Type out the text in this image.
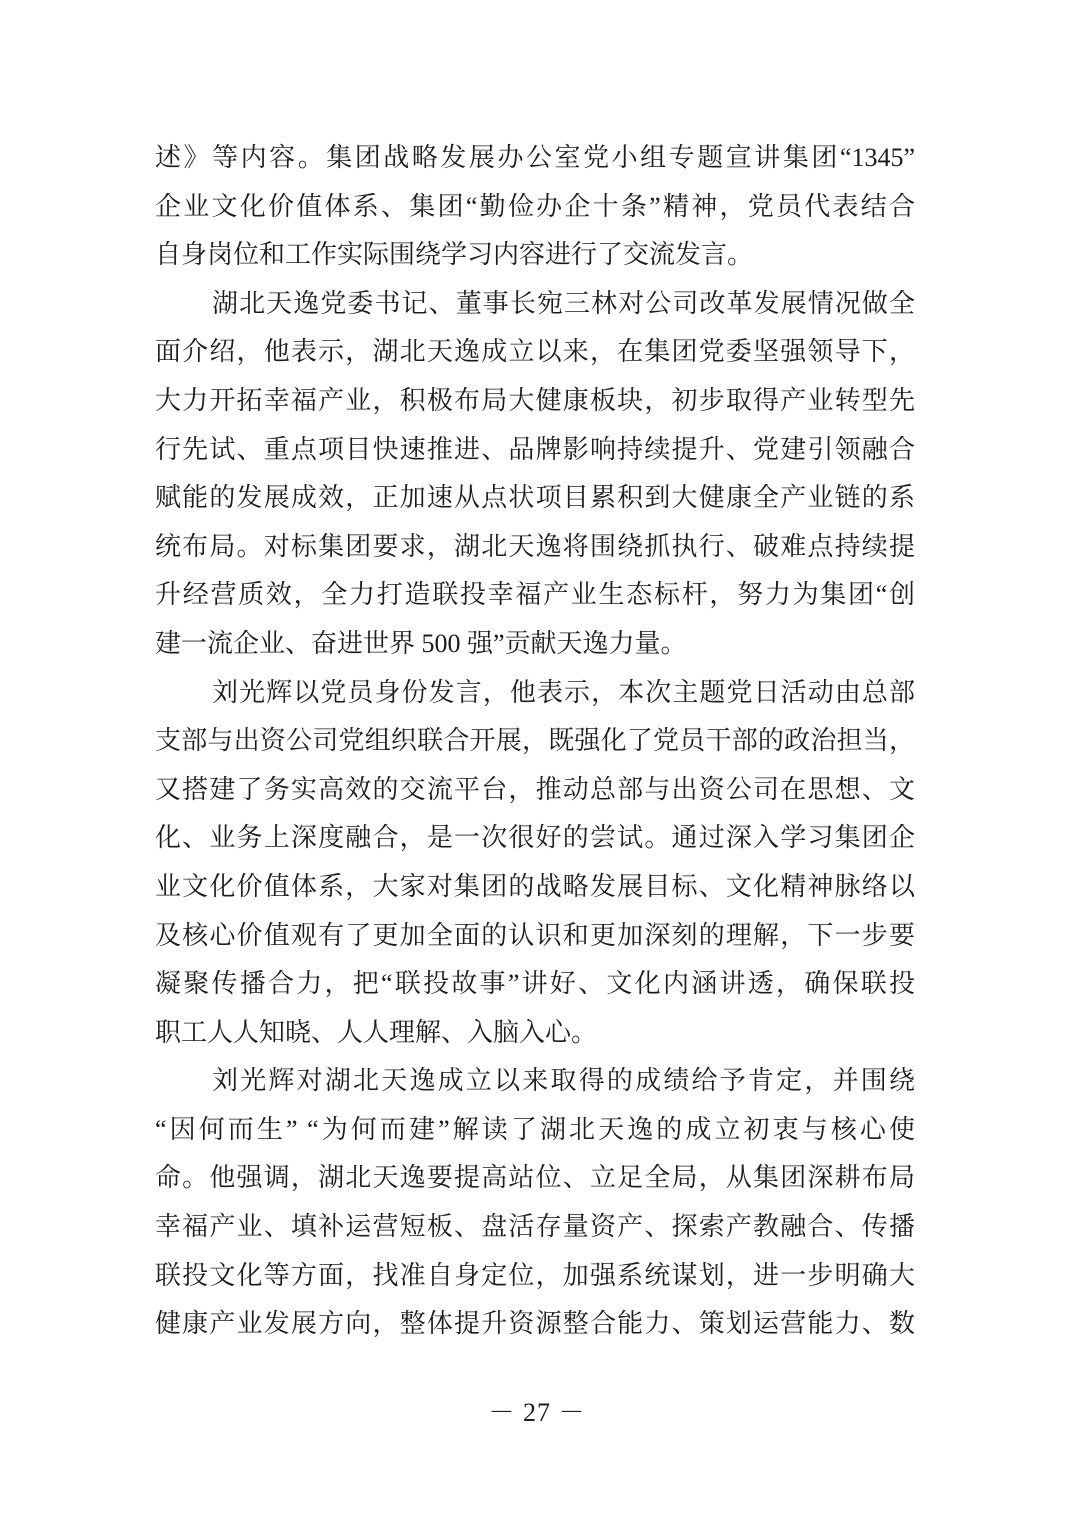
述》等内容。集团战略发展办公室党小组专题宣讲集团“1345”
企业文化价值体系、集团“勤俭办企十条”精神，党员代表结合
自身岗位和工作实际围绕学习内容进行了交流发言。
湖北天逸党委书记、董事长宛三林对公司改革发展情况做全
面介绍，他表示，湖北天逸成立以来，在集团党委坚强领导下，
大力开拓幸福产业，积极布局大健康板块，初步取得产业转型先
行先试、重点项目快速推进、品牌影响持续提升、党建引领融合
赋能的发展成效，正加速从点状项目累积到大健康全产业链的系
统布局。对标集团要求，湖北天逸将围绕抓执行、破难点持续提
升经营质效，全力打造联投幸福产业生态标杆，努力为集团“创
建一流企业、奋进世界 500 强”贡献天逸力量。
刘光辉以党员身份发言，他表示，本次主题党日活动由总部
支部与出资公司党组织联合开展，既强化了党员干部的政治担当，
又搭建了务实高效的交流平台，推动总部与出资公司在思想、文
化、业务上深度融合，是一次很好的尝试。通过深入学习集团企
业文化价值体系，大家对集团的战略发展目标、文化精神脉络以
及核心价值观有了更加全面的认识和更加深刻的理解，下一步要
凝聚传播合力，把“联投故事”讲好、文化内涵讲透，确保联投
职工人人知晓、人人理解、入脑入心。
刘光辉对湖北天逸成立以来取得的成绩给予肯定，并围绕
“因何而生” “为何而建”解读了湖北天逸的成立初衷与核心使
命。他强调，湖北天逸要提高站位、立足全局，从集团深耕布局
幸福产业、填补运营短板、盘活存量资产、探索产教融合、传播
联投文化等方面，找准自身定位，加强系统谋划，进一步明确大
健康产业发展方向，整体提升资源整合能力、策划运营能力、数
－ 27 －
